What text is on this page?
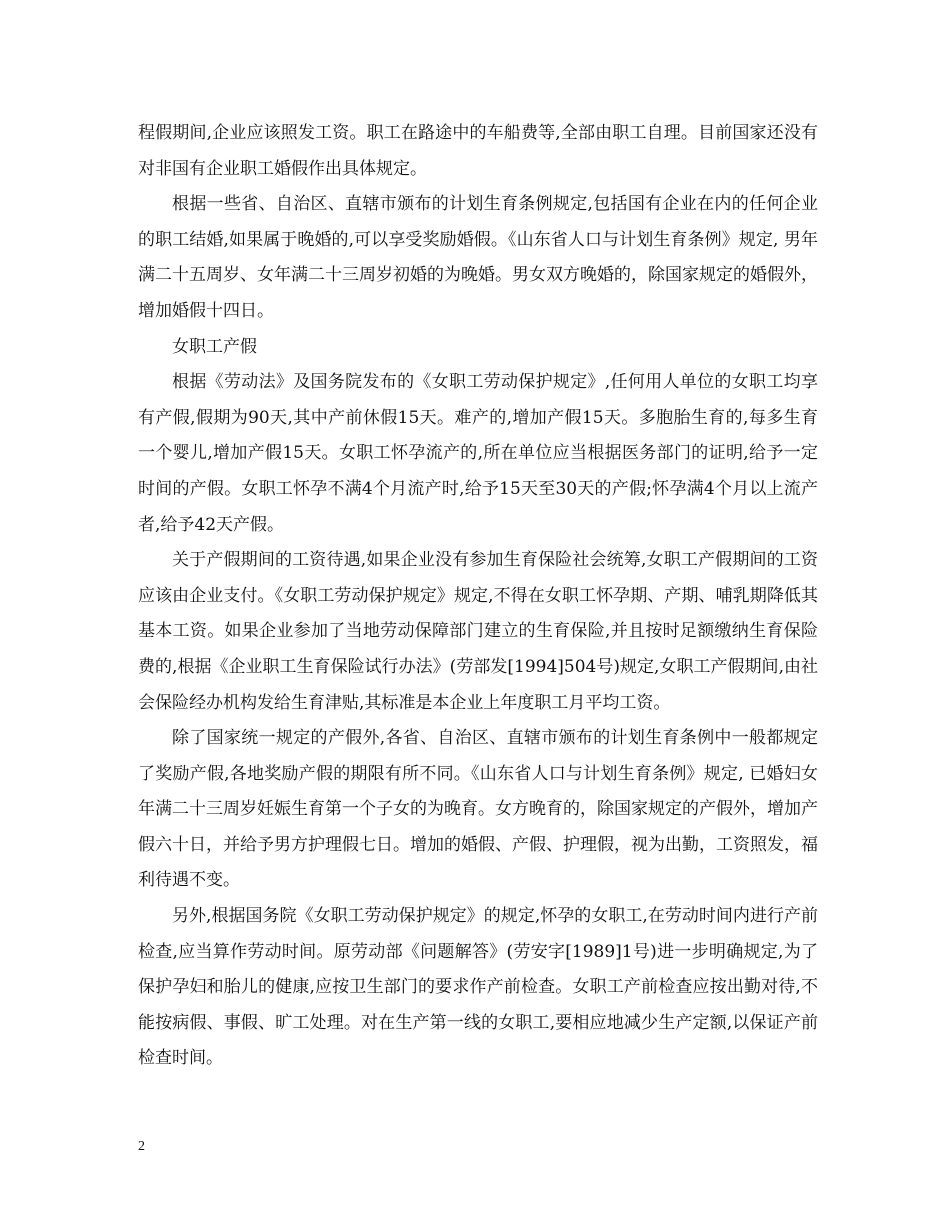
程假期间,企业应该照发工资。职工在路途中的车船费等,全部由职工自理。目前国家还没有对非国有企业职工婚假作出具体规定。

根据一些省、自治区、直辖市颁布的计划生育条例规定,包括国有企业在内的任何企业的职工结婚,如果属于晚婚的,可以享受奖励婚假。《山东省人口与计划生育条例》规定, 男年满二十五周岁、女年满二十三周岁初婚的为晚婚。男女双方晚婚的，除国家规定的婚假外，增加婚假十四日。

女职工产假

根据《劳动法》及国务院发布的《女职工劳动保护规定》,任何用人单位的女职工均享有产假,假期为90天,其中产前休假15天。难产的,增加产假15天。多胞胎生育的,每多生育一个婴儿,增加产假15天。女职工怀孕流产的,所在单位应当根据医务部门的证明,给予一定时间的产假。女职工怀孕不满4个月流产时,给予15天至30天的产假;怀孕满4个月以上流产者,给予42天产假。

关于产假期间的工资待遇,如果企业没有参加生育保险社会统筹,女职工产假期间的工资应该由企业支付。《女职工劳动保护规定》规定,不得在女职工怀孕期、产期、哺乳期降低其基本工资。如果企业参加了当地劳动保障部门建立的生育保险,并且按时足额缴纳生育保险费的,根据《企业职工生育保险试行办法》(劳部发[1994]504号)规定,女职工产假期间,由社会保险经办机构发给生育津贴,其标准是本企业上年度职工月平均工资。

除了国家统一规定的产假外,各省、自治区、直辖市颁布的计划生育条例中一般都规定了奖励产假,各地奖励产假的期限有所不同。《山东省人口与计划生育条例》规定, 已婚妇女年满二十三周岁妊娠生育第一个子女的为晚育。女方晚育的，除国家规定的产假外，增加产假六十日，并给予男方护理假七日。增加的婚假、产假、护理假，视为出勤，工资照发，福利待遇不变。

另外,根据国务院《女职工劳动保护规定》的规定,怀孕的女职工,在劳动时间内进行产前检查,应当算作劳动时间。原劳动部《问题解答》(劳安字[1989]1号)进一步明确规定,为了保护孕妇和胎儿的健康,应按卫生部门的要求作产前检查。女职工产前检查应按出勤对待,不能按病假、事假、旷工处理。对在生产第一线的女职工,要相应地减少生产定额,以保证产前检查时间。

2
